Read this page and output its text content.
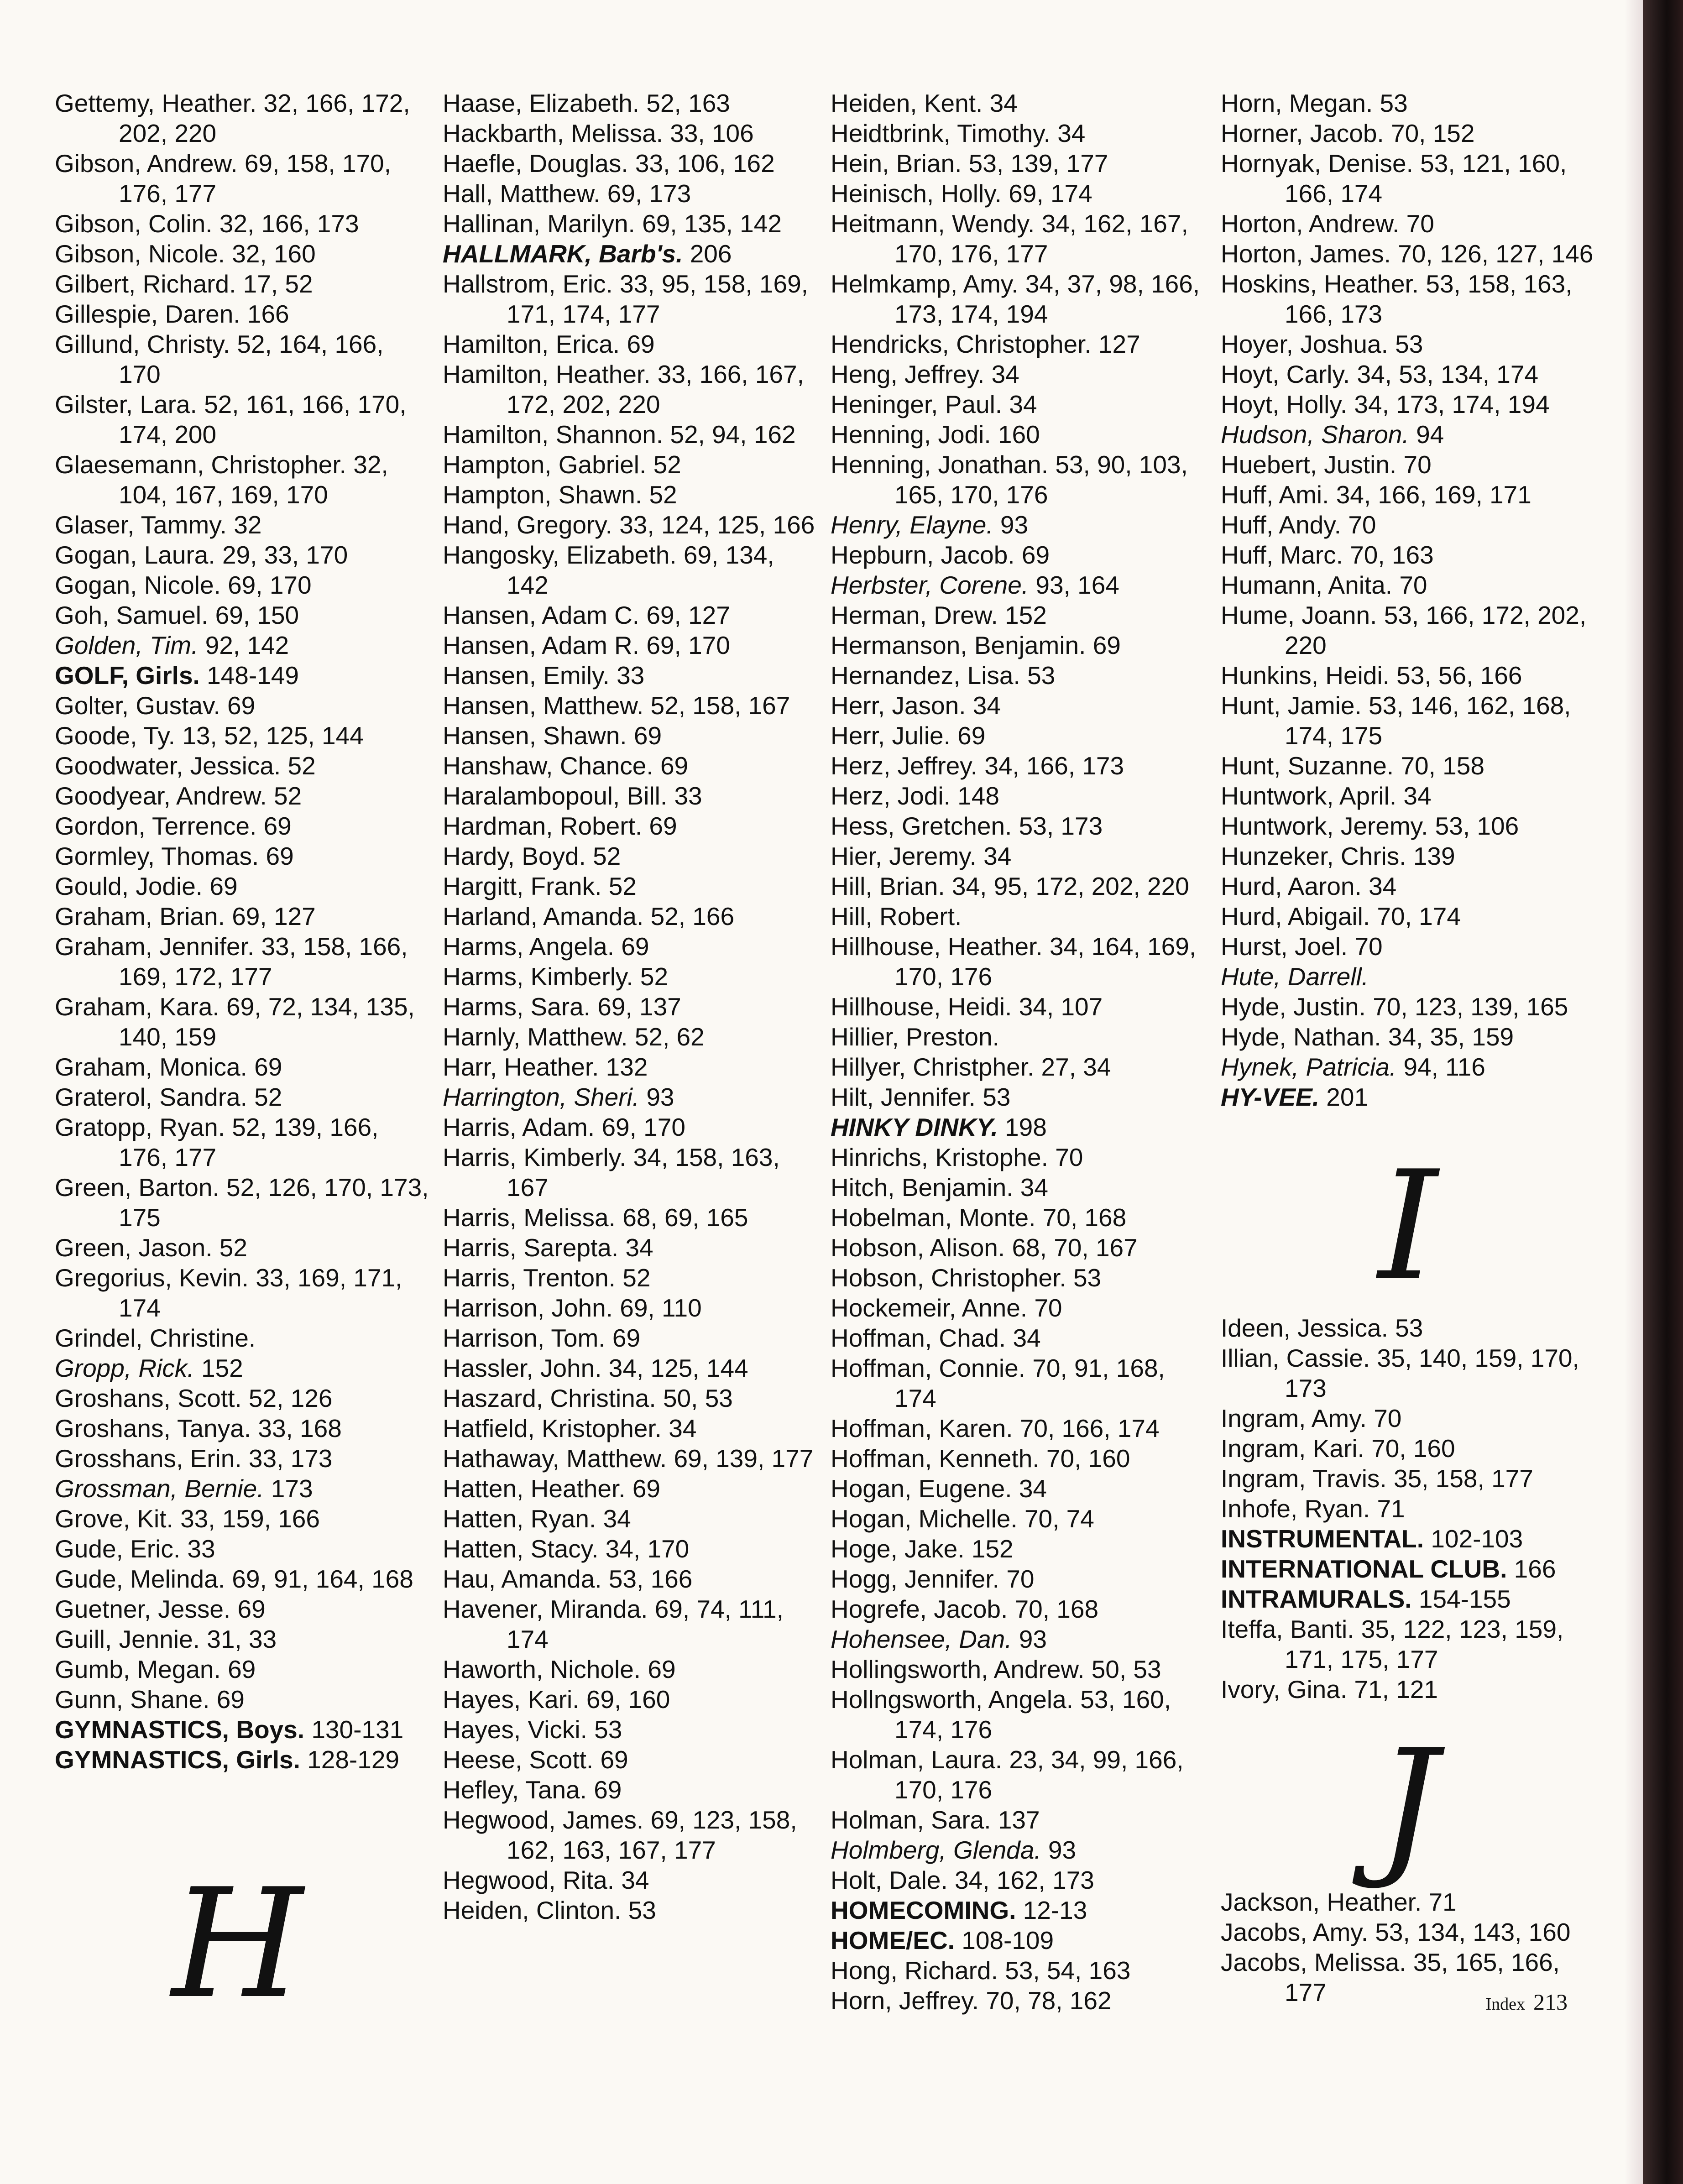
Gettemy, Heather. 32, 166, 172, 202, 220
Gibson, Andrew. 69, 158, 170, 176, 177
Gibson, Colin. 32, 166, 173
Gibson, Nicole. 32, 160
Gilbert, Richard. 17, 52
Gillespie, Daren. 166
Gillund, Christy. 52, 164, 166, 170
Gilster, Lara. 52, 161, 166, 170, 174, 200
Glaesemann, Christopher. 32, 104, 167, 169, 170
Glaser, Tammy. 32
Gogan, Laura. 29, 33, 170
Gogan, Nicole. 69, 170
Goh, Samuel. 69, 150
Golden, Tim. 92, 142
GOLF, Girls. 148-149
Golter, Gustav. 69
Goode, Ty. 13, 52, 125, 144
Goodwater, Jessica. 52
Goodyear, Andrew. 52
Gordon, Terrence. 69
Gormley, Thomas. 69
Gould, Jodie. 69
Graham, Brian. 69, 127
Graham, Jennifer. 33, 158, 166, 169, 172, 177
Graham, Kara. 69, 72, 134, 135, 140, 159
Graham, Monica. 69
Graterol, Sandra. 52
Gratopp, Ryan. 52, 139, 166, 176, 177
Green, Barton. 52, 126, 170, 173, 175
Green, Jason. 52
Gregorius, Kevin. 33, 169, 171, 174
Grindel, Christine.
Gropp, Rick. 152
Groshans, Scott. 52, 126
Groshans, Tanya. 33, 168
Grosshans, Erin. 33, 173
Grossman, Bernie. 173
Grove, Kit. 33, 159, 166
Gude, Eric. 33
Gude, Melinda. 69, 91, 164, 168
Guetner, Jesse. 69
Guill, Jennie. 31, 33
Gumb, Megan. 69
Gunn, Shane. 69
GYMNASTICS, Boys. 130-131
GYMNASTICS, Girls. 128-129
Haase, Elizabeth. 52, 163
Hackbarth, Melissa. 33, 106
Haefle, Douglas. 33, 106, 162
Hall, Matthew. 69, 173
Hallinan, Marilyn. 69, 135, 142
HALLMARK, Barb's. 206
Hallstrom, Eric. 33, 95, 158, 169, 171, 174, 177
Hamilton, Erica. 69
Hamilton, Heather. 33, 166, 167, 172, 202, 220
Hamilton, Shannon. 52, 94, 162
Hampton, Gabriel. 52
Hampton, Shawn. 52
Hand, Gregory. 33, 124, 125, 166
Hangosky, Elizabeth. 69, 134, 142
Hansen, Adam C. 69, 127
Hansen, Adam R. 69, 170
Hansen, Emily. 33
Hansen, Matthew. 52, 158, 167
Hansen, Shawn. 69
Hanshaw, Chance. 69
Haralambopoul, Bill. 33
Hardman, Robert. 69
Hardy, Boyd. 52
Hargitt, Frank. 52
Harland, Amanda. 52, 166
Harms, Angela. 69
Harms, Kimberly. 52
Harms, Sara. 69, 137
Harnly, Matthew. 52, 62
Harr, Heather. 132
Harrington, Sheri. 93
Harris, Adam. 69, 170
Harris, Kimberly. 34, 158, 163, 167
Harris, Melissa. 68, 69, 165
Harris, Sarepta. 34
Harris, Trenton. 52
Harrison, John. 69, 110
Harrison, Tom. 69
Hassler, John. 34, 125, 144
Haszard, Christina. 50, 53
Hatfield, Kristopher. 34
Hathaway, Matthew. 69, 139, 177
Hatten, Heather. 69
Hatten, Ryan. 34
Hatten, Stacy. 34, 170
Hau, Amanda. 53, 166
Havener, Miranda. 69, 74, 111, 174
Haworth, Nichole. 69
Hayes, Kari. 69, 160
Hayes, Vicki. 53
Heese, Scott. 69
Hefley, Tana. 69
Hegwood, James. 69, 123, 158, 162, 163, 167, 177
Hegwood, Rita. 34
Heiden, Clinton. 53
Heiden, Kent. 34
Heidtbrink, Timothy. 34
Hein, Brian. 53, 139, 177
Heinisch, Holly. 69, 174
Heitmann, Wendy. 34, 162, 167, 170, 176, 177
Helmkamp, Amy. 34, 37, 98, 166, 173, 174, 194
Hendricks, Christopher. 127
Heng, Jeffrey. 34
Heninger, Paul. 34
Henning, Jodi. 160
Henning, Jonathan. 53, 90, 103, 165, 170, 176
Henry, Elayne. 93
Hepburn, Jacob. 69
Herbster, Corene. 93, 164
Herman, Drew. 152
Hermanson, Benjamin. 69
Hernandez, Lisa. 53
Herr, Jason. 34
Herr, Julie. 69
Herz, Jeffrey. 34, 166, 173
Herz, Jodi. 148
Hess, Gretchen. 53, 173
Hier, Jeremy. 34
Hill, Brian. 34, 95, 172, 202, 220
Hill, Robert.
Hillhouse, Heather. 34, 164, 169, 170, 176
Hillhouse, Heidi. 34, 107
Hillier, Preston.
Hillyer, Christpher. 27, 34
Hilt, Jennifer. 53
HINKY DINKY. 198
Hinrichs, Kristophe. 70
Hitch, Benjamin. 34
Hobelman, Monte. 70, 168
Hobson, Alison. 68, 70, 167
Hobson, Christopher. 53
Hockemeir, Anne. 70
Hoffman, Chad. 34
Hoffman, Connie. 70, 91, 168, 174
Hoffman, Karen. 70, 166, 174
Hoffman, Kenneth. 70, 160
Hogan, Eugene. 34
Hogan, Michelle. 70, 74
Hoge, Jake. 152
Hogg, Jennifer. 70
Hogrefe, Jacob. 70, 168
Hohensee, Dan. 93
Hollingsworth, Andrew. 50, 53
Hollngsworth, Angela. 53, 160, 174, 176
Holman, Laura. 23, 34, 99, 166, 170, 176
Holman, Sara. 137
Holmberg, Glenda. 93
Holt, Dale. 34, 162, 173
HOMECOMING. 12-13
HOME/EC. 108-109
Hong, Richard. 53, 54, 163
Horn, Jeffrey. 70, 78, 162
Horn, Megan. 53
Horner, Jacob. 70, 152
Hornyak, Denise. 53, 121, 160, 166, 174
Horton, Andrew. 70
Horton, James. 70, 126, 127, 146
Hoskins, Heather. 53, 158, 163, 166, 173
Hoyer, Joshua. 53
Hoyt, Carly. 34, 53, 134, 174
Hoyt, Holly. 34, 173, 174, 194
Hudson, Sharon. 94
Huebert, Justin. 70
Huff, Ami. 34, 166, 169, 171
Huff, Andy. 70
Huff, Marc. 70, 163
Humann, Anita. 70
Hume, Joann. 53, 166, 172, 202, 220
Hunkins, Heidi. 53, 56, 166
Hunt, Jamie. 53, 146, 162, 168, 174, 175
Hunt, Suzanne. 70, 158
Huntwork, April. 34
Huntwork, Jeremy. 53, 106
Hunzeker, Chris. 139
Hurd, Aaron. 34
Hurd, Abigail. 70, 174
Hurst, Joel. 70
Hute, Darrell.
Hyde, Justin. 70, 123, 139, 165
Hyde, Nathan. 34, 35, 159
Hynek, Patricia. 94, 116
HY-VEE. 201
I
Ideen, Jessica. 53
Illian, Cassie. 35, 140, 159, 170, 173
Ingram, Amy. 70
Ingram, Kari. 70, 160
Ingram, Travis. 35, 158, 177
Inhofe, Ryan. 71
INSTRUMENTAL. 102-103
INTERNATIONAL CLUB. 166
INTRAMURALS. 154-155
Iteffa, Banti. 35, 122, 123, 159, 171, 175, 177
Ivory, Gina. 71, 121
J
Jackson, Heather. 71
Jacobs, Amy. 53, 134, 143, 160
Jacobs, Melissa. 35, 165, 166, 177
H	Index 213
